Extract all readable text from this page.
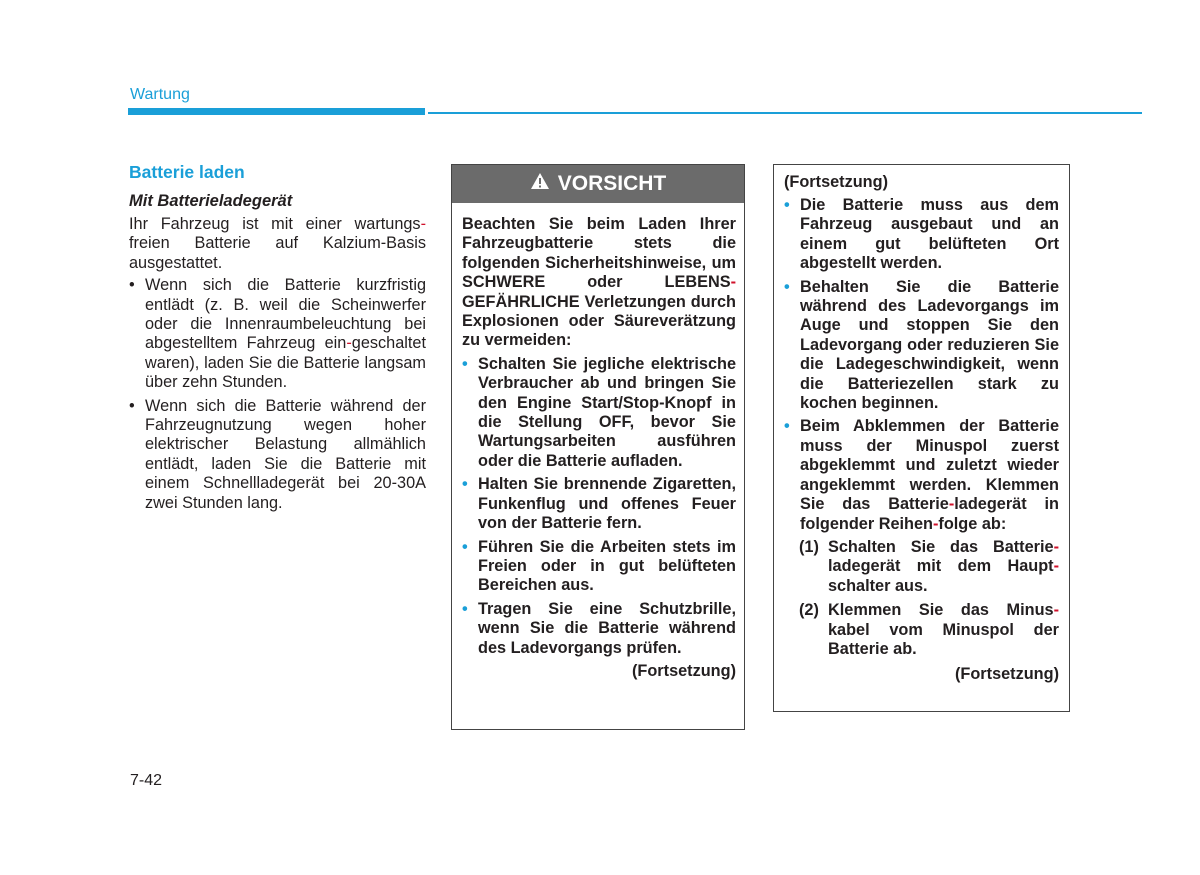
Wartung
Batterie laden

Mit Batterieladegerät

Ihr Fahrzeug ist mit einer wartungs- freien Batterie auf Kalzium-Basis ausgestattet.

• Wenn sich die Batterie kurzfristig entlädt (z. B. weil die Scheinwerfer oder die Innenraumbeleuchtung bei abgestelltem Fahrzeug ein-geschaltet waren), laden Sie die Batterie langsam über zehn Stunden.
• Wenn sich die Batterie während der Fahrzeugnutzung wegen hoher elektrischer Belastung allmählich entlädt, laden Sie die Batterie mit einem Schnellladegerät bei 20-30A zwei Stunden lang.
VORSICHT

Beachten Sie beim Laden Ihrer Fahrzeugbatterie stets die folgenden Sicherheitshinweise, um SCHWERE oder LEBENS-GEFÄHRLICHE Verletzungen durch Explosionen oder Säureverätzung zu vermeiden:

• Schalten Sie jegliche elektrische Verbraucher ab und bringen Sie den Engine Start/Stop-Knopf in die Stellung OFF, bevor Sie Wartungsarbeiten ausführen oder die Batterie aufladen.
• Halten Sie brennende Zigaretten, Funkenflug und offenes Feuer von der Batterie fern.
• Führen Sie die Arbeiten stets im Freien oder in gut belüfteten Bereichen aus.
• Tragen Sie eine Schutzbrille, wenn Sie die Batterie während des Ladevorgangs prüfen.
(Fortsetzung)

(Fortsetzung)

• Die Batterie muss aus dem Fahrzeug ausgebaut und an einem gut belüfteten Ort abgestellt werden.
• Behalten Sie die Batterie während des Ladevorgangs im Auge und stoppen Sie den Ladevorgang oder reduzieren Sie die Ladegeschwindigkeit, wenn die Batteriezellen stark zu kochen beginnen.
• Beim Abklemmen der Batterie muss der Minuspol zuerst abgeklemmt und zuletzt wieder angeklemmt werden. Klemmen Sie das Batterie-ladegerät in folgender Reihen-folge ab:
(1) Schalten Sie das Batterie-ladegerät mit dem Haupt-schalter aus.
(2) Klemmen Sie das Minus-kabel vom Minuspol der Batterie ab.
(Fortsetzung)
7-42
